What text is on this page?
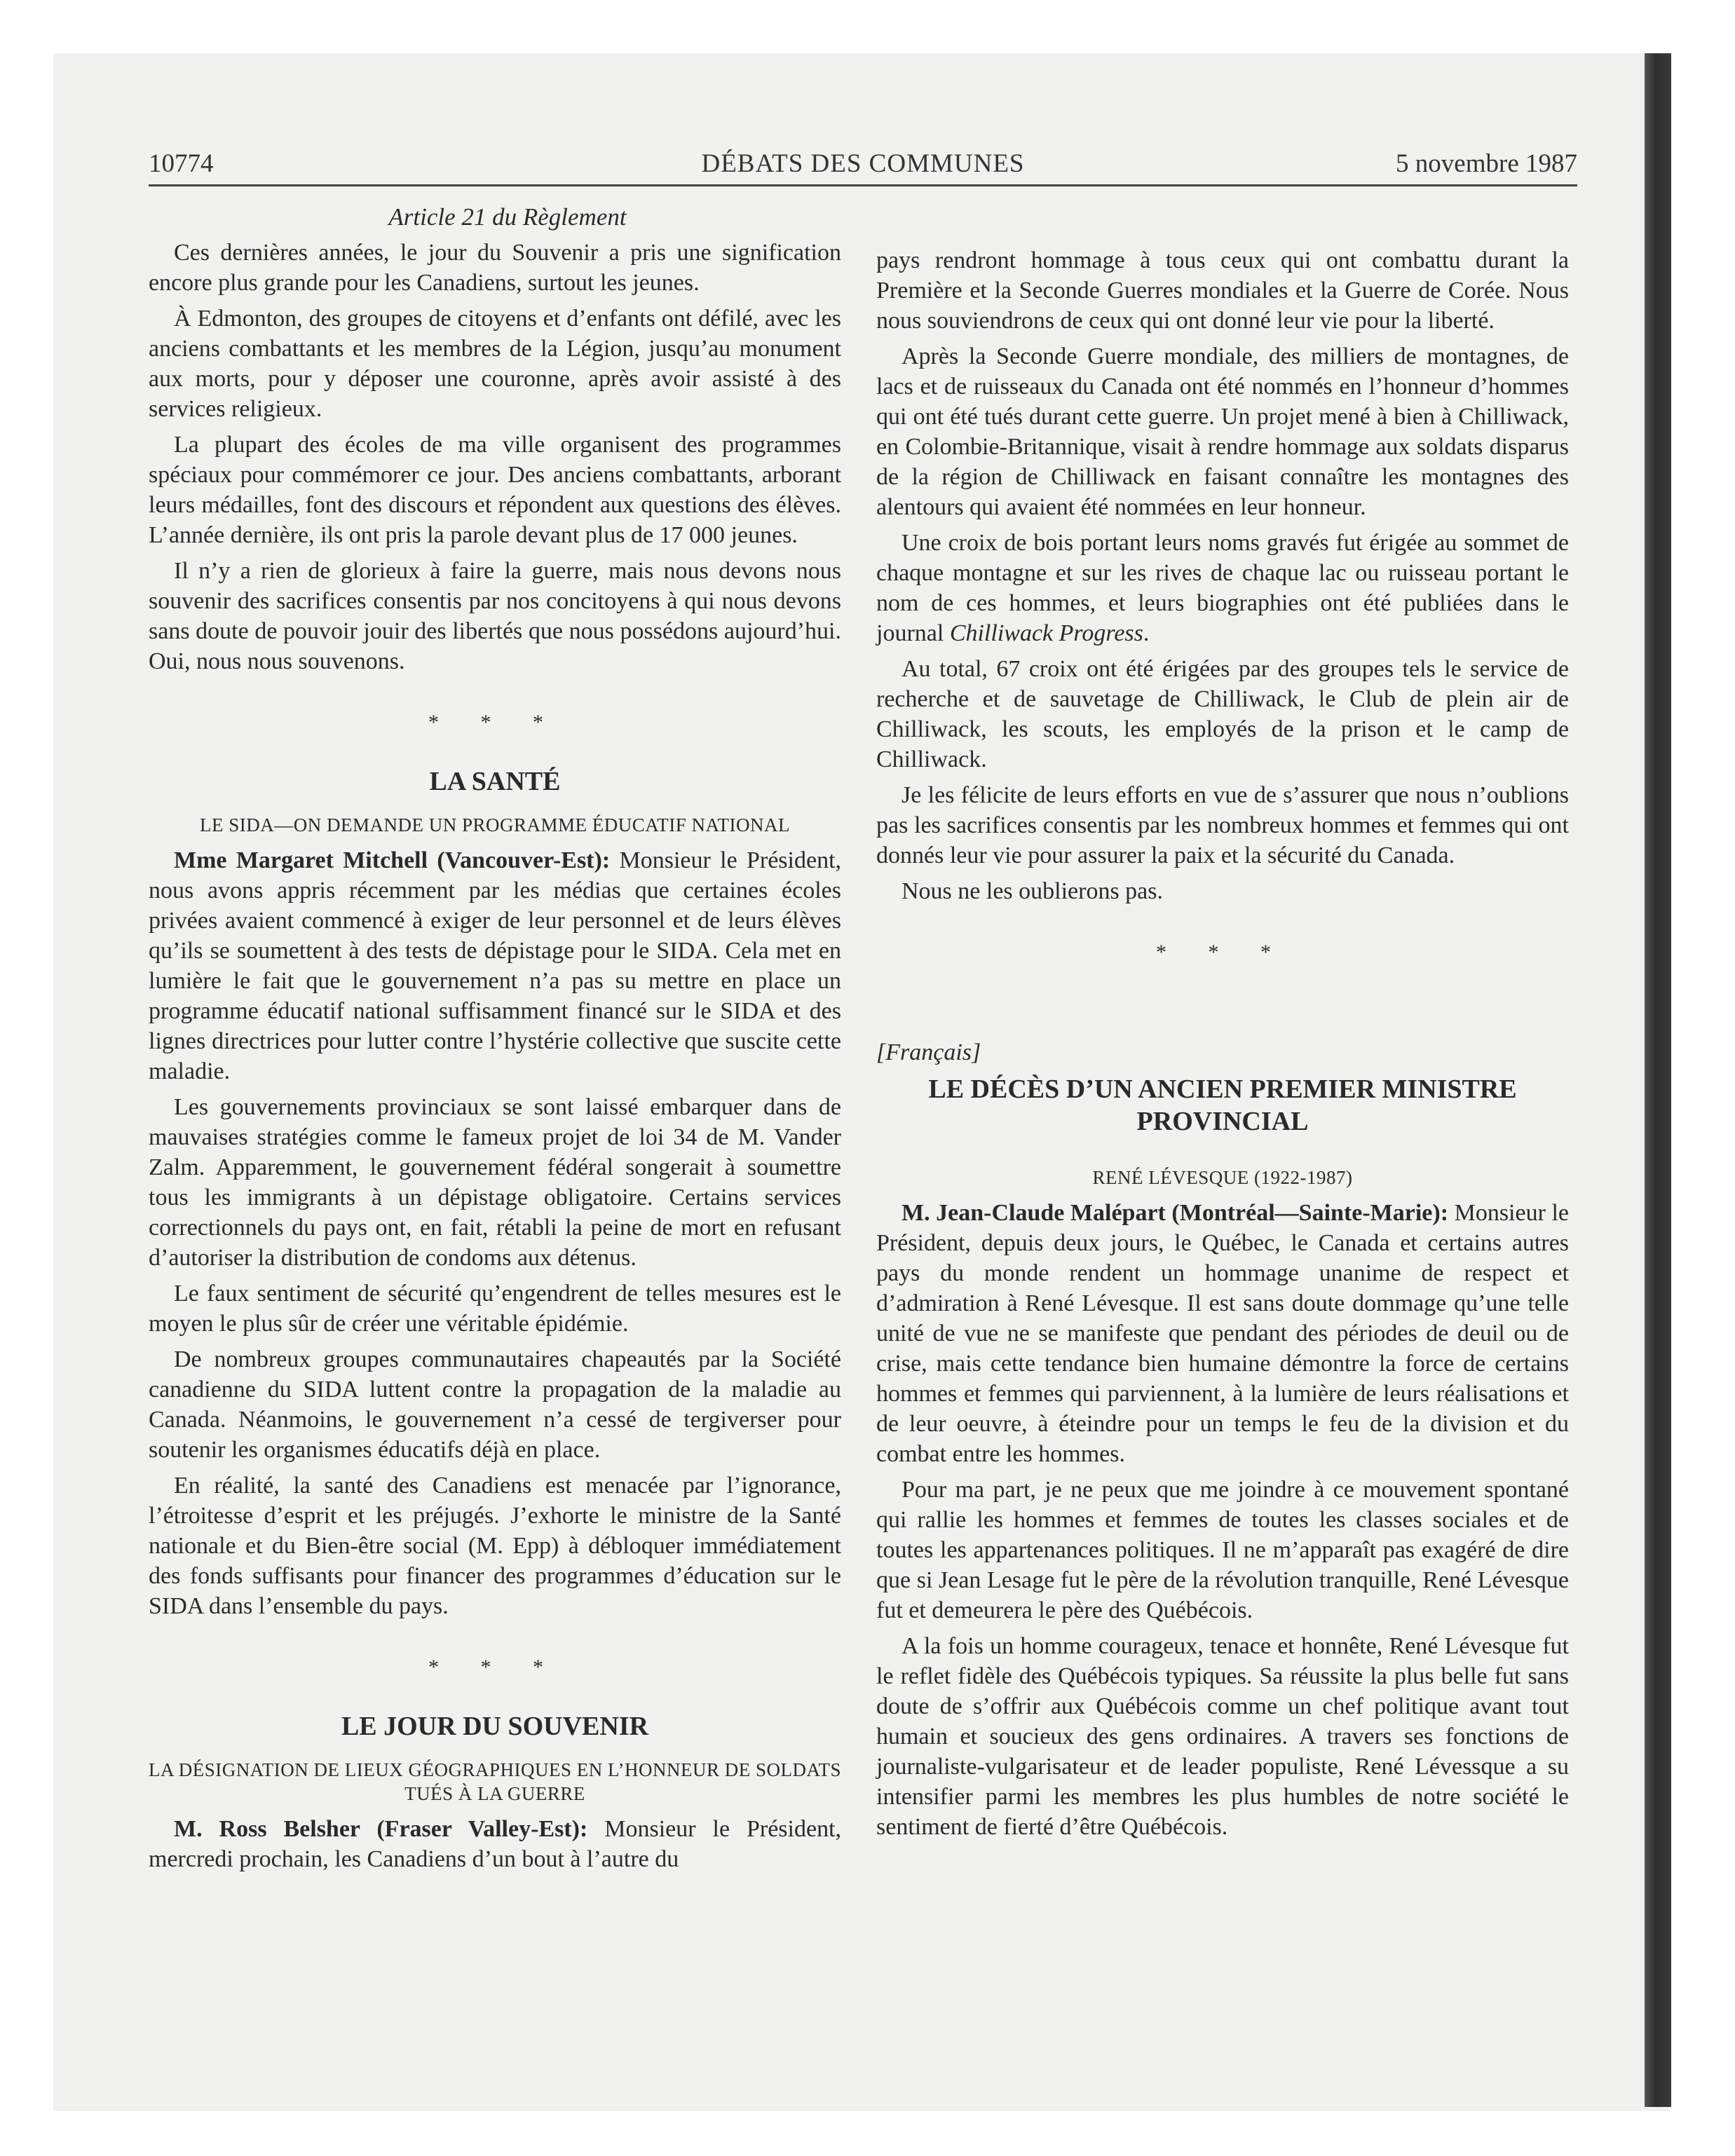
10774	DÉBATS DES COMMUNES	5 novembre 1987

Article 21 du Règlement

Ces dernières années, le jour du Souvenir a pris une signification encore plus grande pour les Canadiens, surtout les jeunes.

À Edmonton, des groupes de citoyens et d’enfants ont défilé, avec les anciens combattants et les membres de la Légion, jusqu’au monument aux morts, pour y déposer une couronne, après avoir assisté à des services religieux.

La plupart des écoles de ma ville organisent des programmes spéciaux pour commémorer ce jour. Des anciens combattants, arborant leurs médailles, font des discours et répondent aux questions des élèves. L’année dernière, ils ont pris la parole devant plus de 17 000 jeunes.

Il n’y a rien de glorieux à faire la guerre, mais nous devons nous souvenir des sacrifices consentis par nos concitoyens à qui nous devons sans doute de pouvoir jouir des libertés que nous possédons aujourd’hui. Oui, nous nous souvenons.

* * *
LA SANTÉ
LE SIDA—ON DEMANDE UN PROGRAMME ÉDUCATIF NATIONAL

Mme Margaret Mitchell (Vancouver-Est): Monsieur le Président, nous avons appris récemment par les médias que certaines écoles privées avaient commencé à exiger de leur personnel et de leurs élèves qu’ils se soumettent à des tests de dépistage pour le SIDA. Cela met en lumière le fait que le gouvernement n’a pas su mettre en place un programme éducatif national suffisamment financé sur le SIDA et des lignes directrices pour lutter contre l’hystérie collective que suscite cette maladie.

Les gouvernements provinciaux se sont laissé embarquer dans de mauvaises stratégies comme le fameux projet de loi 34 de M. Vander Zalm. Apparemment, le gouvernement fédéral songerait à soumettre tous les immigrants à un dépistage obligatoire. Certains services correctionnels du pays ont, en fait, rétabli la peine de mort en refusant d’autoriser la distribution de condoms aux détenus.

Le faux sentiment de sécurité qu’engendrent de telles mesures est le moyen le plus sûr de créer une véritable épidémie.

De nombreux groupes communautaires chapeautés par la Société canadienne du SIDA luttent contre la propagation de la maladie au Canada. Néanmoins, le gouvernement n’a cessé de tergiverser pour soutenir les organismes éducatifs déjà en place.

En réalité, la santé des Canadiens est menacée par l’ignorance, l’étroitesse d’esprit et les préjugés. J’exhorte le ministre de la Santé nationale et du Bien-être social (M. Epp) à débloquer immédiatement des fonds suffisants pour financer des programmes d’éducation sur le SIDA dans l’ensemble du pays.

* * *
LE JOUR DU SOUVENIR
LA DÉSIGNATION DE LIEUX GÉOGRAPHIQUES EN L’HONNEUR DE SOLDATS TUÉS À LA GUERRE

M. Ross Belsher (Fraser Valley-Est): Monsieur le Président, mercredi prochain, les Canadiens d’un bout à l’autre du

pays rendront hommage à tous ceux qui ont combattu durant la Première et la Seconde Guerres mondiales et la Guerre de Corée. Nous nous souviendrons de ceux qui ont donné leur vie pour la liberté.

Après la Seconde Guerre mondiale, des milliers de montagnes, de lacs et de ruisseaux du Canada ont été nommés en l’honneur d’hommes qui ont été tués durant cette guerre. Un projet mené à bien à Chilliwack, en Colombie-Britannique, visait à rendre hommage aux soldats disparus de la région de Chilliwack en faisant connaître les montagnes des alentours qui avaient été nommées en leur honneur.

Une croix de bois portant leurs noms gravés fut érigée au sommet de chaque montagne et sur les rives de chaque lac ou ruisseau portant le nom de ces hommes, et leurs biographies ont été publiées dans le journal Chilliwack Progress.

Au total, 67 croix ont été érigées par des groupes tels le service de recherche et de sauvetage de Chilliwack, le Club de plein air de Chilliwack, les scouts, les employés de la prison et le camp de Chilliwack.

Je les félicite de leurs efforts en vue de s’assurer que nous n’oublions pas les sacrifices consentis par les nombreux hommes et femmes qui ont donnés leur vie pour assurer la paix et la sécurité du Canada.

Nous ne les oublierons pas.

* * *

[Français]

LE DÉCÈS D’UN ANCIEN PREMIER MINISTRE PROVINCIAL
RENÉ LÉVESQUE (1922-1987)

M. Jean-Claude Malépart (Montréal—Sainte-Marie): Monsieur le Président, depuis deux jours, le Québec, le Canada et certains autres pays du monde rendent un hommage unanime de respect et d’admiration à René Lévesque. Il est sans doute dommage qu’une telle unité de vue ne se manifeste que pendant des périodes de deuil ou de crise, mais cette tendance bien humaine démontre la force de certains hommes et femmes qui parviennent, à la lumière de leurs réalisations et de leur oeuvre, à éteindre pour un temps le feu de la division et du combat entre les hommes.

Pour ma part, je ne peux que me joindre à ce mouvement spontané qui rallie les hommes et femmes de toutes les classes sociales et de toutes les appartenances politiques. Il ne m’apparaît pas exagéré de dire que si Jean Lesage fut le père de la révolution tranquille, René Lévesque fut et demeurera le père des Québécois.

A la fois un homme courageux, tenace et honnête, René Lévesque fut le reflet fidèle des Québécois typiques. Sa réussite la plus belle fut sans doute de s’offrir aux Québécois comme un chef politique avant tout humain et soucieux des gens ordinaires. A travers ses fonctions de journaliste-vulgarisateur et de leader populiste, René Lévessque a su intensifier parmi les membres les plus humbles de notre société le sentiment de fierté d’être Québécois.
